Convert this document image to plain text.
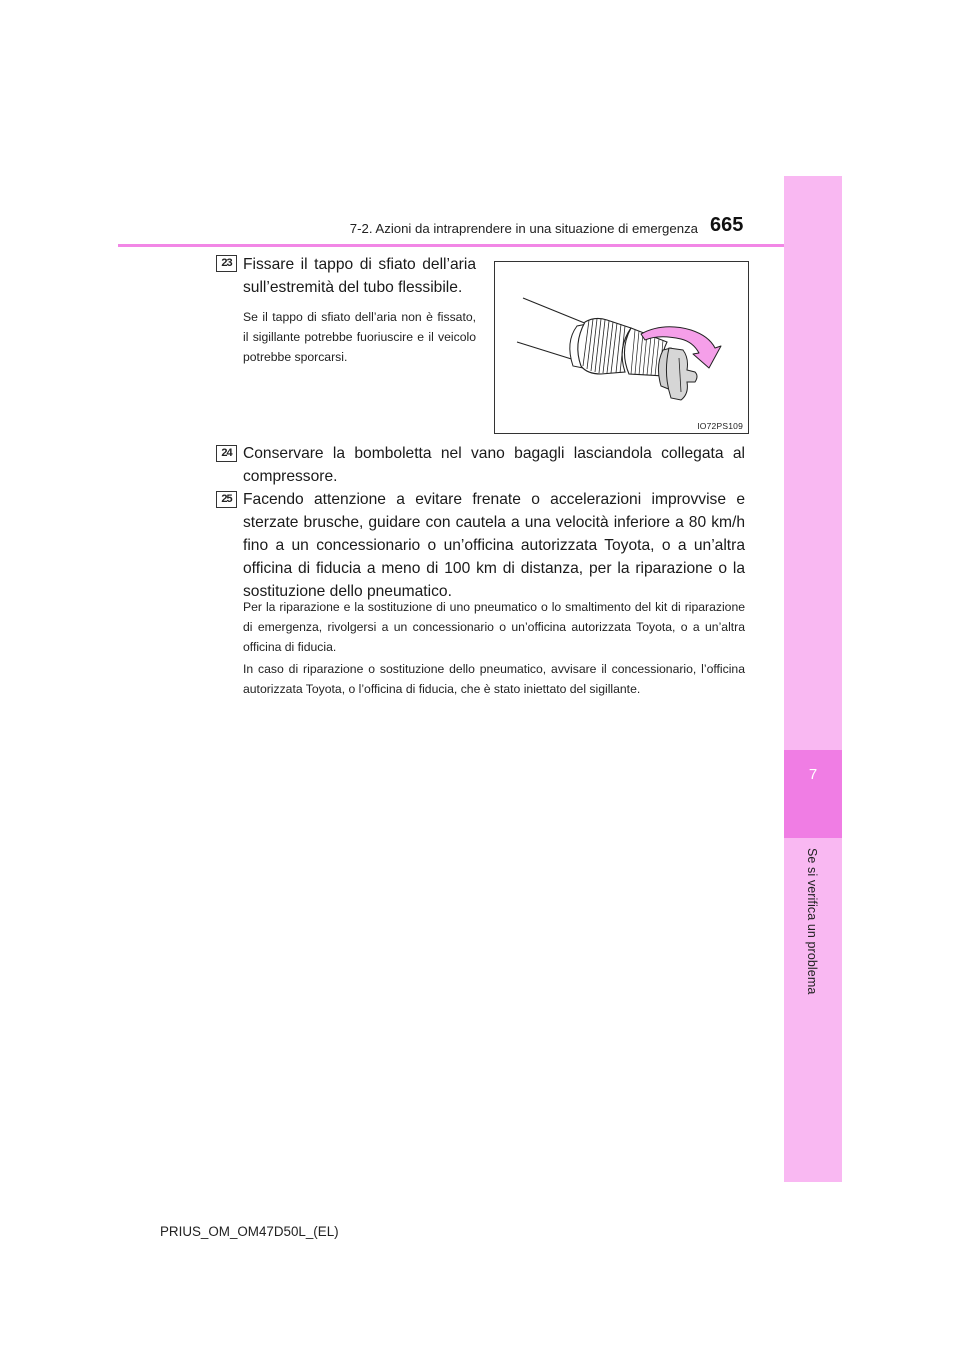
7
Se si verifica un problema
7-2. Azioni da intraprendere in una situazione di emergenza 665
23 Fissare il tappo di sfiato dell’aria sull’estremità del tubo flessibile.

Se il tappo di sfiato dell’aria non è fissato, il sigillante potrebbe fuoriuscire e il veicolo potrebbe sporcarsi.

IO72PS109
24 Conservare la bomboletta nel vano bagagli lasciandola collegata al compressore.

25 Facendo attenzione a evitare frenate o accelerazioni improvvise e sterzate brusche, guidare con cautela a una velocità inferiore a 80 km/h fino a un concessionario o un’officina autorizzata Toyota, o a un’altra officina di fiducia a meno di 100 km di distanza, per la riparazione o la sostituzione dello pneumatico.

Per la riparazione e la sostituzione di uno pneumatico o lo smaltimento del kit di riparazione di emergenza, rivolgersi a un concessionario o un’officina autorizzata Toyota, o a un’altra officina di fiducia.

In caso di riparazione o sostituzione dello pneumatico, avvisare il concessionario, l’officina autorizzata Toyota, o l’officina di fiducia, che è stato iniettato del sigillante.

PRIUS_OM_OM47D50L_(EL)
